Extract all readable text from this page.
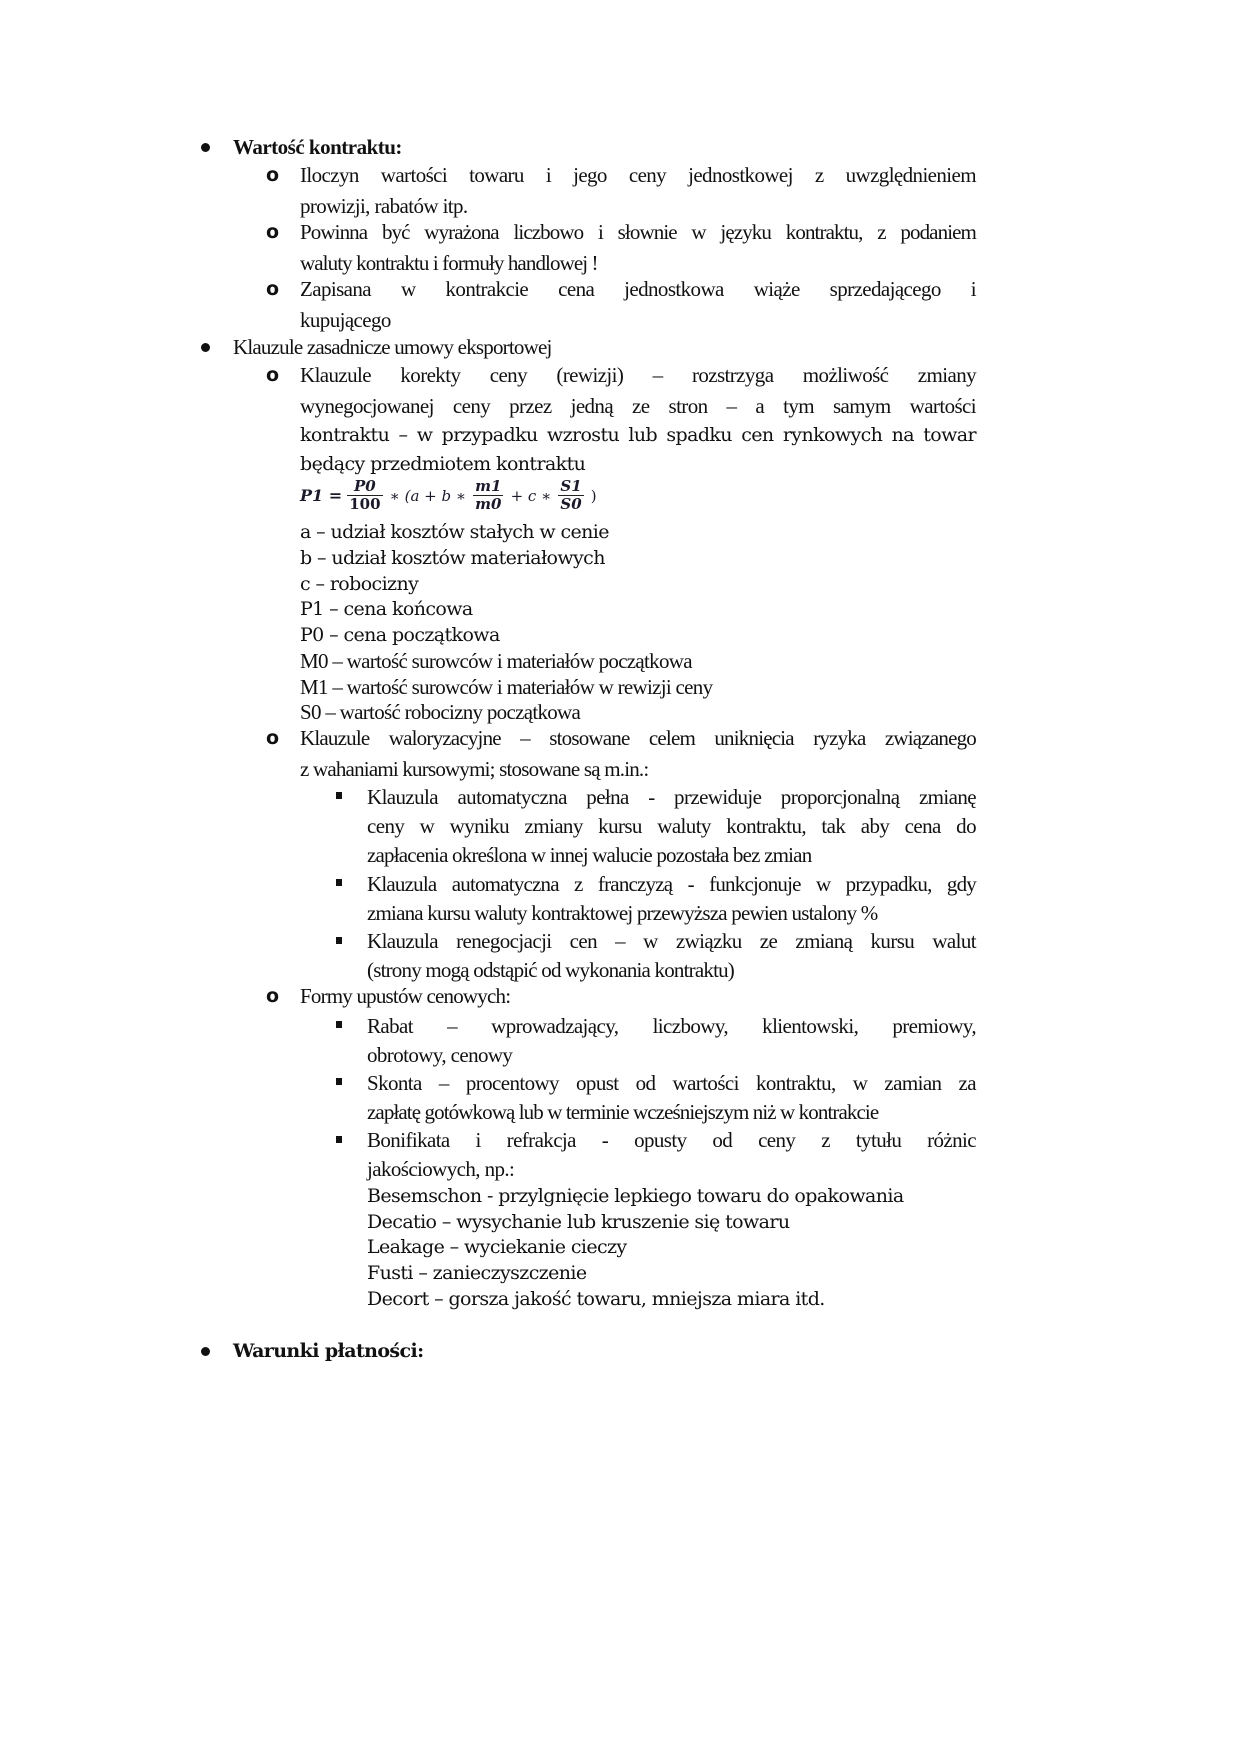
Wartość kontraktu:
o Iloczyn wartości towaru i jego ceny jednostkowej z uwzględnieniem
prowizji, rabatów itp.
o Powinna być wyrażona liczbowo i słownie w języku kontraktu, z podaniem
waluty kontraktu i formuły handlowej !
o Zapisana w kontrakcie cena jednostkowa wiąże sprzedającego i
kupującego
Klauzule zasadnicze umowy eksportowej
o Klauzule korekty ceny (rewizji) – rozstrzyga możliwość zmiany
wynegocjowanej ceny przez jedną ze stron – a tym samym wartości
kontraktu – w przypadku wzrostu lub spadku cen rynkowych na towar
będący przedmiotem kontraktu
$P1 = \frac{P0}{100}$ ∗ (a + b ∗ $\frac{m1}{m0} + c$ ∗ $\frac{S1}{S0}$ )
a – udział kosztów stałych w cenie
b – udział kosztów materiałowych
c – robocizny
P1 – cena końcowa
P0 – cena początkowa
M0 – wartość surowców i materiałów początkowa
M1 – wartość surowców i materiałów w rewizji ceny
S0 – wartość robocizny początkowa
o Klauzule waloryzacyjne – stosowane celem uniknięcia ryzyka związanego
z wahaniami kursowymi; stosowane są m.in.:
Klauzula automatyczna pełna - przewiduje proporcjonalną zmianę
ceny w wyniku zmiany kursu waluty kontraktu, tak aby cena do
zapłacenia określona w innej walucie pozostała bez zmian
Klauzula automatyczna z franczyzą - funkcjonuje w przypadku, gdy
zmiana kursu waluty kontraktowej przewyższa pewien ustalony %
Klauzula renegocjacji cen – w związku ze zmianą kursu walut
(strony mogą odstąpić od wykonania kontraktu)
o Formy upustów cenowych:
Rabat – wprowadzający, liczbowy, klientowski, premiowy,
obrotowy, cenowy
Skonta – procentowy opust od wartości kontraktu, w zamian za
zapłatę gotówkową lub w terminie wcześniejszym niż w kontrakcie
Bonifikata i refrakcja - opusty od ceny z tytułu różnic
jakościowych, np.:
Besemschon - przylgnięcie lepkiego towaru do opakowania
Decatio – wysychanie lub kruszenie się towaru
Leakage – wyciekanie cieczy
Fusti – zanieczyszczenie
Decort – gorsza jakość towaru, mniejsza miara itd.
Warunki płatności:
